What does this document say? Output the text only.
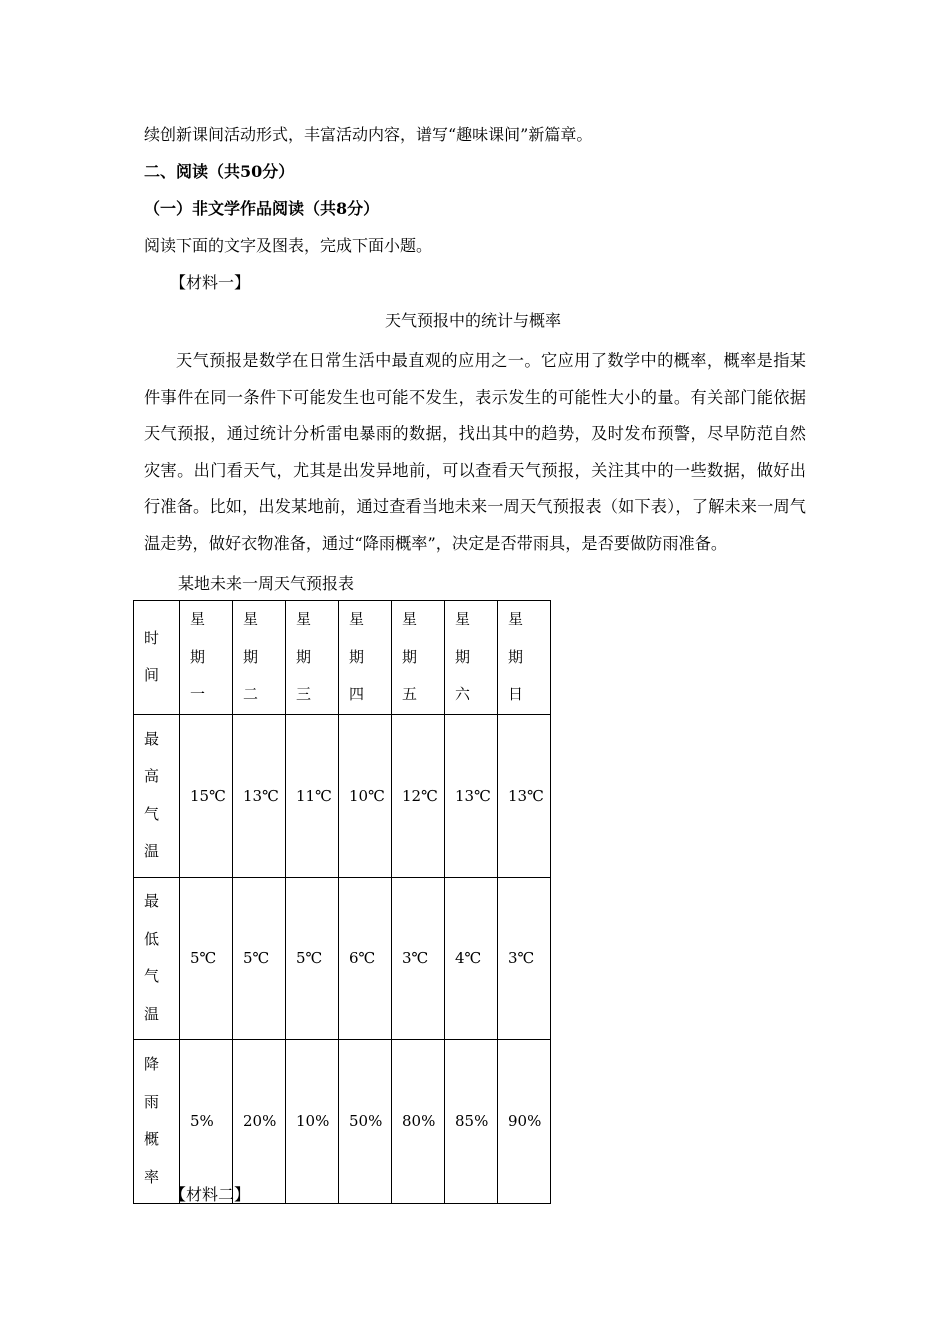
续创新课间活动形式，丰富活动内容，谱写“趣味课间”新篇章。
二、阅读（共50分）
（一）非文学作品阅读（共8分）
阅读下面的文字及图表，完成下面小题。
【材料一】
天气预报中的统计与概率
天气预报是数学在日常生活中最直观的应用之一。它应用了数学中的概率，概率是指某件事件在同一条件下可能发生也可能不发生，表示发生的可能性大小的量。有关部门能依据天气预报，通过统计分析雷电暴雨的数据，找出其中的趋势，及时发布预警，尽早防范自然灾害。出门看天气，尤其是出发异地前，可以查看天气预报，关注其中的一些数据，做好出行准备。比如，出发某地前，通过查看当地未来一周天气预报表（如下表），了解未来一周气温走势，做好衣物准备，通过“降雨概率”，决定是否带雨具，是否要做防雨准备。
某地未来一周天气预报表
时间	星期一	星期二	星期三	星期四	星期五	星期六	星期日

最高气温	15℃	13℃	11℃	10℃	12℃	13℃	13℃

最低气温	5℃	5℃	5℃	6℃	3℃	4℃	3℃

降雨概率	5%	20%	10%	50%	80%	85%	90%
【材料二】
